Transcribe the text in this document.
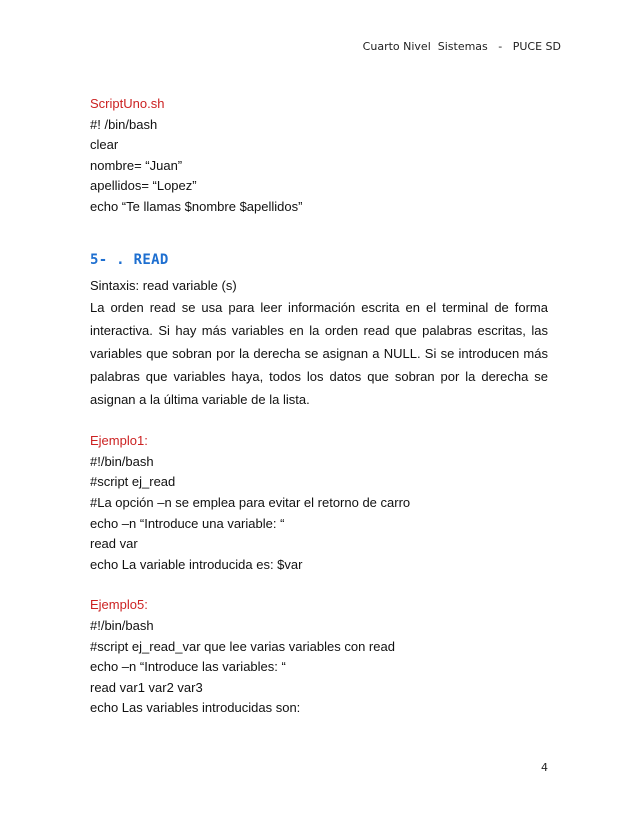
Cuarto Nivel  Sistemas   -   PUCE SD

ScriptUno.sh

#! /bin/bash

clear

nombre= “Juan”

apellidos= “Lopez”

echo “Te llamas $nombre $apellidos”

5- . READ

Sintaxis: read variable (s)

La orden read se usa para leer información escrita en el terminal de forma interactiva. Si hay más variables en la orden read que palabras escritas, las variables que sobran por la derecha se asignan a NULL. Si se introducen más palabras que variables haya, todos los datos que sobran por la derecha se asignan a la última variable de la lista.

Ejemplo1:

#!/bin/bash

#script ej_read

#La opción –n se emplea para evitar el retorno de carro

echo –n “Introduce una variable: “

read var

echo La variable introducida es: $var

Ejemplo5:

#!/bin/bash

#script ej_read_var que lee varias variables con read

echo –n “Introduce las variables: “

read var1 var2 var3

echo Las variables introducidas son:

4
